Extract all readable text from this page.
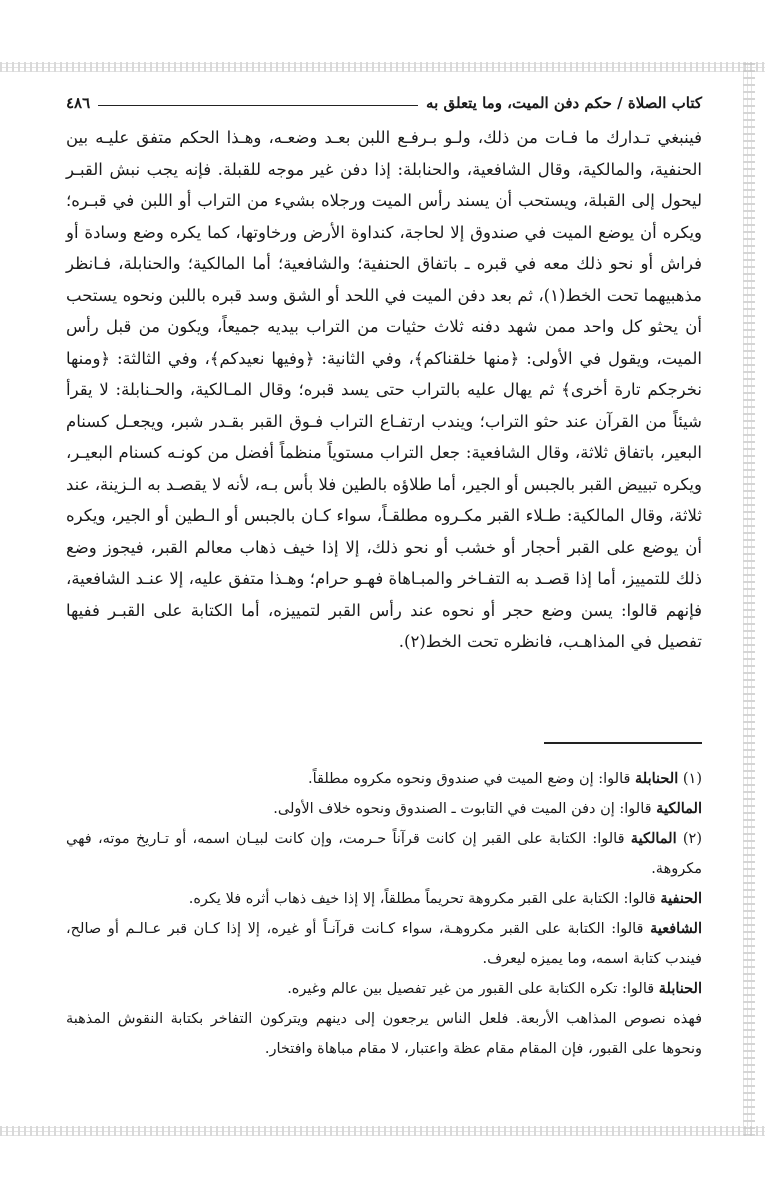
كتاب الصلاة / حكم دفن الميت، وما يتعلق به
٤٨٦

فينبغي تـدارك ما فـات من ذلك، ولـو بـرفـع اللبن بعـد وضعـه، وهـذا الحكم متفق عليـه بين الحنفية، والمالكية، وقال الشافعية، والحنابلة: إذا دفن غير موجه للقبلة. فإنه يجب نبش القبـر ليحول إلى القبلة، ويستحب أن يسند رأس الميت ورجلاه بشيء من التراب أو اللبن في قبـره؛ ويكره أن يوضع الميت في صندوق إلا لحاجة، كنداوة الأرض ورخاوتها، كما يكره وضع وسادة أو فراش أو نحو ذلك معه في قبره ـ باتفاق الحنفية؛ والشافعية؛ أما المالكية؛ والحنابلة، فـانظر مذهبيهما تحت الخط(١)، ثم بعد دفن الميت في اللحد أو الشق وسد قبره باللبن ونحوه يستحب أن يحثو كل واحد ممن شهد دفنه ثلاث حثيات من التراب بيديه جميعاً، ويكون من قبل رأس الميت، ويقول في الأولى: ﴿منها خلقناكم﴾، وفي الثانية: ﴿وفيها نعيدكم﴾، وفي الثالثة: ﴿ومنها نخرجكم تارة أخرى﴾ ثم يهال عليه بالتراب حتى يسد قبره؛ وقال المـالكية، والحـنابلة: لا يقرأ شيئاً من القرآن عند حثو التراب؛ ويندب ارتفـاع التراب فـوق القبر بقـدر شبر، ويجعـل كسنام البعير، باتفاق ثلاثة، وقال الشافعية: جعل التراب مستوياً منظماً أفضل من كونـه كسنام البعيـر، ويكره تبييض القبر بالجبس أو الجير، أما طلاؤه بالطين فلا بأس بـه، لأنه لا يقصـد به الـزينة، عند ثلاثة، وقال المالكية: طـلاء القبر مكـروه مطلقـاً، سواء كـان بالجبس أو الـطين أو الجير، ويكره أن يوضع على القبر أحجار أو خشب أو نحو ذلك، إلا إذا خيف ذهاب معالم القبر، فيجوز وضع ذلك للتمييز، أما إذا قصـد به التفـاخر والمبـاهاة فهـو حرام؛ وهـذا متفق عليه، إلا عنـد الشافعية، فإنهم قالوا: يسن وضع حجر أو نحوه عند رأس القبر لتمييزه، أما الكتابة على القبـر ففيها تفصيل في المذاهـب، فانظره تحت الخط(٢).

(١) الحنابلة قالوا: إن وضع الميت في صندوق ونحوه مكروه مطلقاً.

المالكية قالوا: إن دفن الميت في التابوت ـ الصندوق ونحوه خلاف الأولى.

(٢) المالكية قالوا: الكتابة على القبر إن كانت قرآناً حـرمت، وإن كانت لبيـان اسمه، أو تـاريخ موته، فهي مكروهة.

الحنفية قالوا: الكتابة على القبر مكروهة تحريماً مطلقاً، إلا إذا خيف ذهاب أثره فلا يكره.

الشافعية قالوا: الكتابة على القبر مكروهـة، سواء كـانت قرآنـاً أو غيره، إلا إذا كـان قبر عـالـم أو صالح، فيندب كتابة اسمه، وما يميزه ليعرف.

الحنابلة قالوا: تكره الكتابة على القبور من غير تفصيل بين عالم وغيره.

فهذه نصوص المذاهب الأربعة. فلعل الناس يرجعون إلى دينهم ويتركون التفاخر بكتابة النقوش المذهبة ونحوها على القبور، فإن المقام مقام عظة واعتبار، لا مقام مباهاة وافتخار.
